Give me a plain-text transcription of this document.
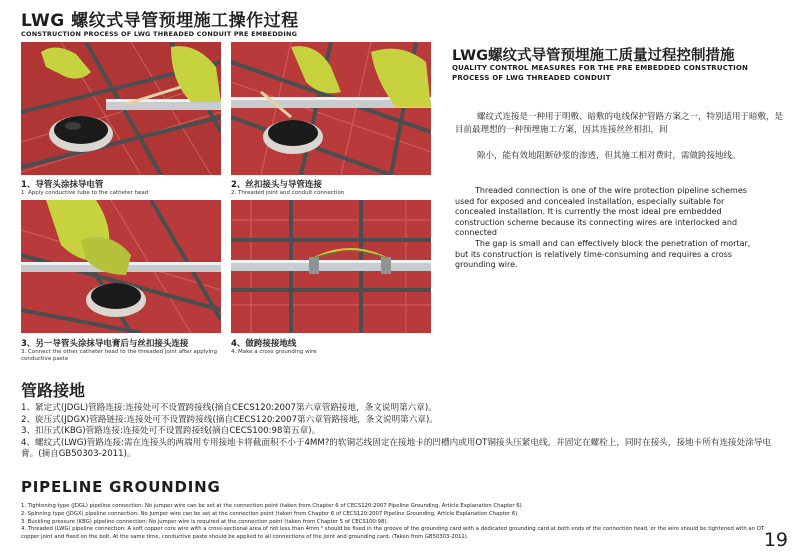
LWG 螺纹式导管预埋施工操作过程
CONSTRUCTION PROCESS OF LWG THREADED CONDUIT PRE EMBEDDING
1、导管头涂抹导电管
1. Apply conductive tube to the catheter head
2、丝扣接头与导管连接
2. Threaded joint and conduit connection
3、另一导管头涂抹导电膏后与丝扣接头连接
3. Connect the other catheter head to the threaded joint after applying conductive paste
4、做跨接接地线
4. Make a cross grounding wire
LWG螺纹式导管预埋施工质量过程控制措施
QUALITY CONTROL MEASURES FOR THE PRE EMBEDDED CONSTRUCTION PROCESS OF LWG THREADED CONDUIT
螺纹式连接是一种用于明敷、暗敷的电线保护管路方案之一，特别适用于暗敷，是目前最理想的一种预埋施工方案，因其连接丝丝相扣，间
隙小，能有效地阻断砂浆的渗透，但其施工相对费时，需做跨接地线。
Threaded connection is one of the wire protection pipeline schemes used for exposed and concealed installation, especially suitable for concealed installation. It is currently the most ideal pre embedded construction scheme because its connecting wires are interlocked and connected
The gap is small and can effectively block the penetration of mortar, but its construction is relatively time-consuming and requires a cross grounding wire.
管路接地
1、紧定式(JDGL)管路连接:连接处可不设置跨接线(摘自CECS120:2007第六章管路接地，条文说明第六章)。
2、旋压式(JDGX)管路链接:连接处可不设置跨接线(摘自CECS120:2007第六章管路接地，条文说明第六章)。
3、扣压式(KBG)管路连接:连接处可不设置跨接线(摘自CECS100:98第五章)。
4、螺纹式(LWG)管路连接:需在连接头的两端用专用接地卡将截面积不小于4MM?的软铜芯线固定在接地卡的凹槽内或用OT铜接头压紧电线，并固定在螺栓上，同时在接头，接地卡所有连接处涂导电膏。(摘自GB50303-2011)。
PIPELINE GROUNDING
1. Tightening type (JDGL) pipeline connection: No jumper wire can be set at the connection point (taken from Chapter 6 of CECS120:2007 Pipeline Grounding, Article Explanation Chapter 6).
2. Spinning type (JDGX) pipeline connection: No jumper wire can be set at the connection point (taken from Chapter 6 of CECS120:2007 Pipeline Grounding, Article Explanation Chapter 6).
3. Buckling pressure (KBG) pipeline connection: No jumper wire is required at the connection point (taken from Chapter 5 of CECS100:98).
4. Threaded (LWG) pipeline connection: A soft copper core wire with a cross-sectional area of not less than 4mm ² should be fixed in the groove of the grounding card with a dedicated grounding card at both ends of the connection head, or the wire should be tightened with an OT copper joint and fixed on the bolt. At the same time, conductive paste should be applied to all connections of the joint and grounding card. (Taken from GB50303-2011).	19
